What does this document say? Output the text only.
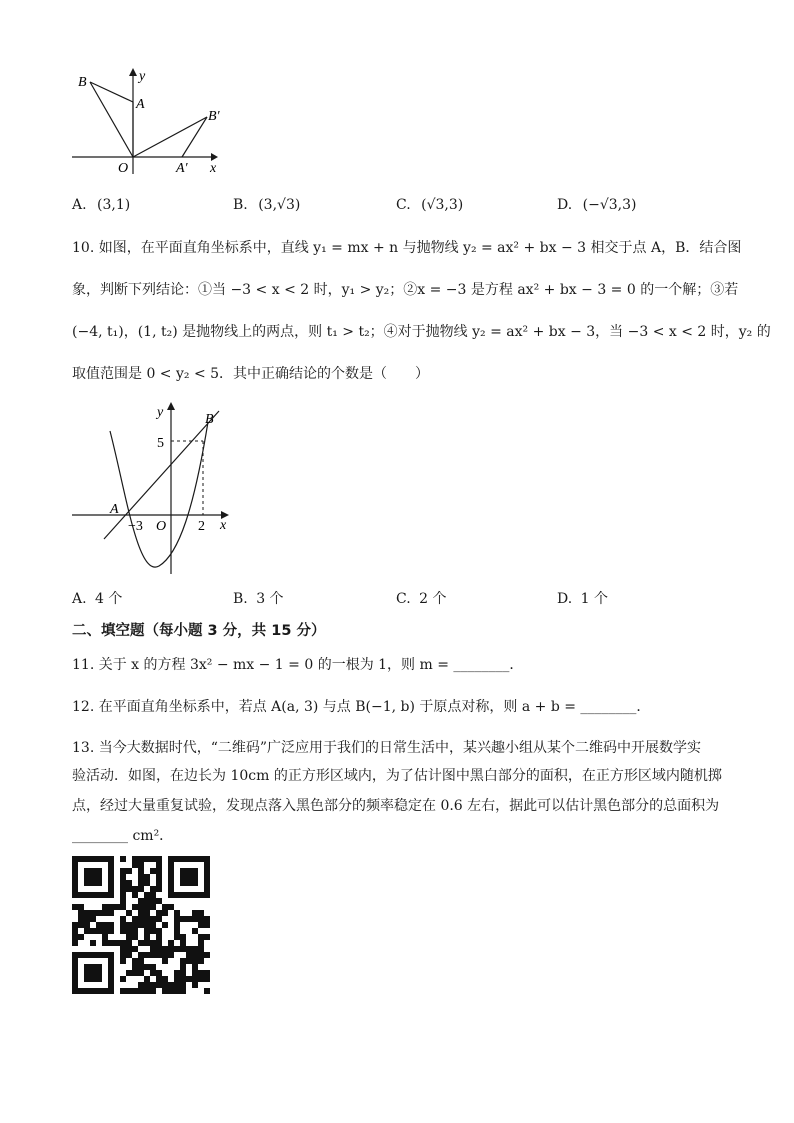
B
A
B′
O	A′ x
y
A. (3,1)	B. (3,√3)	C. (√3,3)	D. (−√3,3)
10. 如图，在平面直角坐标系中，直线 y₁ = mx + n 与抛物线 y₂ = ax² + bx − 3 相交于点 A，B．结合图
象，判断下列结论：①当 −3 < x < 2 时，y₁ > y₂；②x = −3 是方程 ax² + bx − 3 = 0 的一个解；③若
(−4, t₁)，(1, t₂) 是抛物线上的两点，则 t₁ > t₂；④对于抛物线 y₂ = ax² + bx − 3，当 −3 < x < 2 时，y₂ 的
取值范围是 0 < y₂ < 5．其中正确结论的个数是（　　）
y
5
B
A
−3 O 2 x
A. 4 个	B. 3 个	C. 2 个	D. 1 个
二、填空题（每小题 3 分，共 15 分）
11. 关于 x 的方程 3x² − mx − 1 = 0 的一根为 1，则 m = ________．
12. 在平面直角坐标系中，若点 A(a, 3) 与点 B(−1, b) 于原点对称，则 a + b = ________．
13. 当今大数据时代，“二维码”广泛应用于我们的日常生活中，某兴趣小组从某个二维码中开展数学实
验活动．如图，在边长为 10cm 的正方形区域内，为了估计图中黑白部分的面积，在正方形区域内随机掷
点，经过大量重复试验，发现点落入黑色部分的频率稳定在 0.6 左右，据此可以估计黑色部分的总面积为
________ cm²．
